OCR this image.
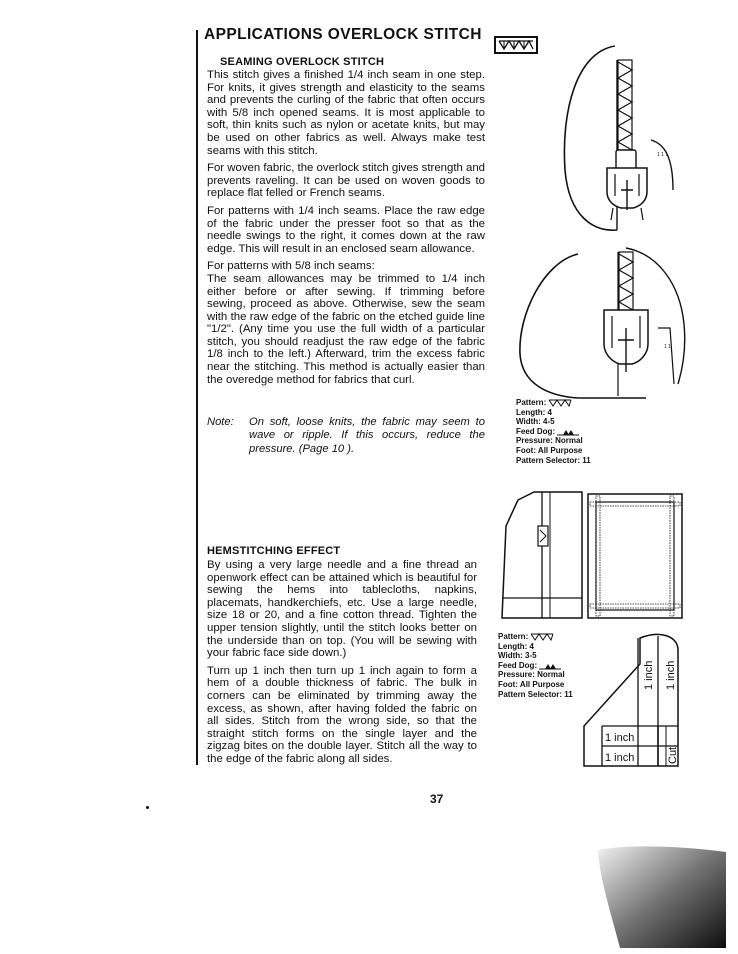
APPLICATIONS OVERLOCK STITCH
SEAMING OVERLOCK STITCH

This stitch gives a finished 1/4 inch seam in one step. For knits, it gives strength and elasticity to the seams and prevents the curling of the fabric that often occurs with 5/8 inch opened seams. It is most applicable to soft, thin knits such as nylon or acetate knits, but may be used on other fabrics as well. Always make test seams with this stitch.

For woven fabric, the overlock stitch gives strength and prevents raveling. It can be used on woven goods to replace flat felled or French seams.

For patterns with 1/4 inch seams. Place the raw edge of the fabric under the presser foot so that as the needle swings to the right, it comes down at the raw edge. This will result in an enclosed seam allowance.

For patterns with 5/8 inch seams:

The seam allowances may be trimmed to 1/4 inch either before or after sewing. If trimming before sewing, proceed as above. Otherwise, sew the seam with the raw edge of the fabric on the etched guide line "1/2". (Any time you use the full width of a particular stitch, you should readjust the raw edge of the fabric 1/8 inch to the left.) Afterward, trim the excess fabric near the stitching. This method is actually easier than the overedge method for fabrics that curl.

Note: On soft, loose knits, the fabric may seem to wave or ripple. If this occurs, reduce the pressure. (Page 10 ).
1 1 1
1 1
Pattern:
Length: 4
Width: 4-5
Feed Dog:
Pressure: Normal
Foot: All Purpose
Pattern Selector: 11
HEMSTITCHING EFFECT

By using a very large needle and a fine thread an openwork effect can be attained which is beautiful for sewing the hems into tablecloths, napkins, placemats, handkerchiefs, etc. Use a large needle, size 18 or 20, and a fine cotton thread. Tighten the upper tension slightly, until the stitch looks better on the underside than on top. (You will be sewing with your fabric face side down.)

Turn up 1 inch then turn up 1 inch again to form a hem of a double thickness of fabric. The bulk in corners can be eliminated by trimming away the excess, as shown, after having folded the fabric on all sides. Stitch from the wrong side, so that the straight stitch forms on the single layer and the zigzag bites on the double layer. Stitch all the way to the edge of the fabric along all sides.

Pattern:
Length: 4
Width: 3-5
Feed Dog:
Pressure: Normal
Foot: All Purpose
Pattern Selector: 11
1 inch
1 inch
1 inch 1 inch
Cut
37
